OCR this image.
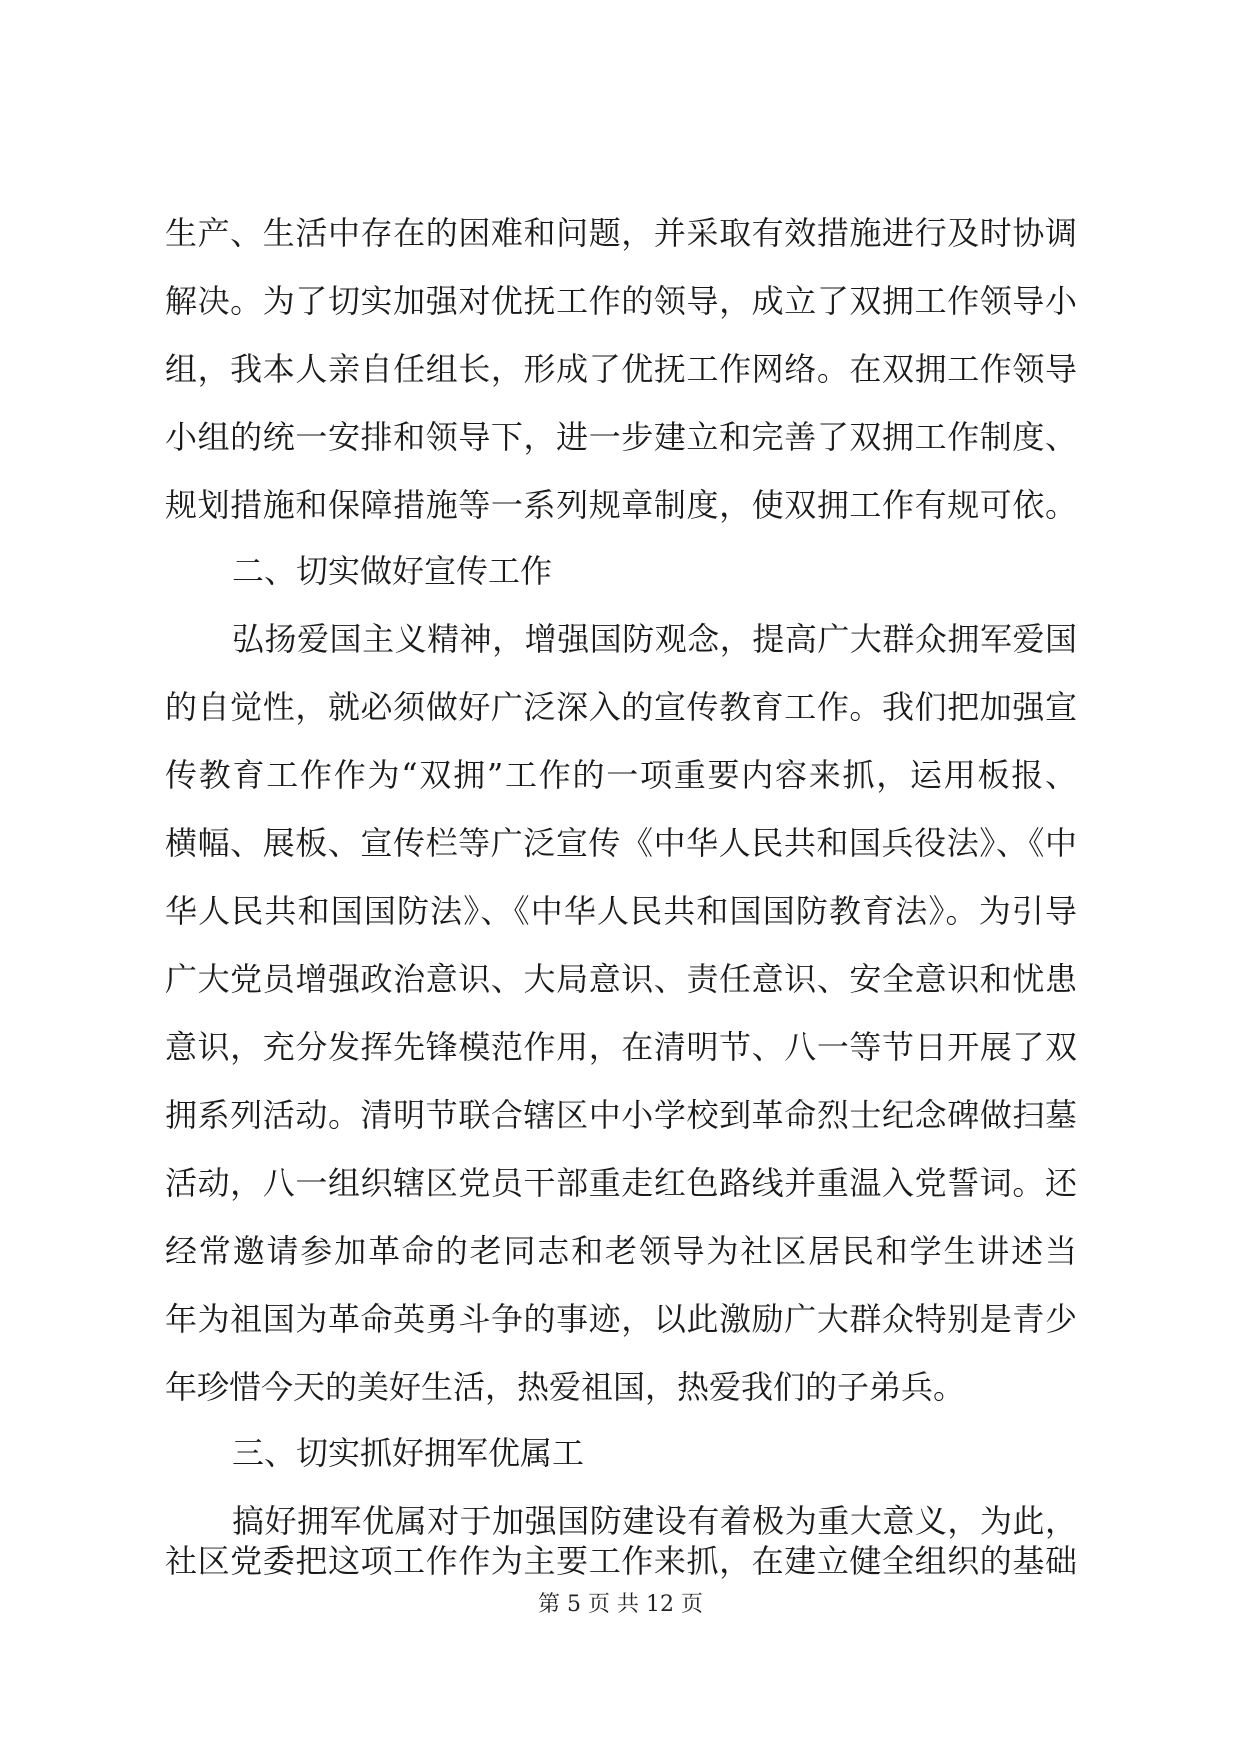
生产、生活中存在的困难和问题，并采取有效措施进行及时协调
解决。为了切实加强对优抚工作的领导，成立了双拥工作领导小
组，我本人亲自任组长，形成了优抚工作网络。在双拥工作领导
小组的统一安排和领导下，进一步建立和完善了双拥工作制度、
规划措施和保障措施等一系列规章制度，使双拥工作有规可依。
二、切实做好宣传工作
弘扬爱国主义精神，增强国防观念，提高广大群众拥军爱国
的自觉性，就必须做好广泛深入的宣传教育工作。我们把加强宣
传教育工作作为“双拥”工作的一项重要内容来抓，运用板报、
横幅、展板、宣传栏等广泛宣传《中华人民共和国兵役法》、《中
华人民共和国国防法》、《中华人民共和国国防教育法》。为引导
广大党员增强政治意识、大局意识、责任意识、安全意识和忧患
意识，充分发挥先锋模范作用，在清明节、八一等节日开展了双
拥系列活动。清明节联合辖区中小学校到革命烈士纪念碑做扫墓
活动，八一组织辖区党员干部重走红色路线并重温入党誓词。还
经常邀请参加革命的老同志和老领导为社区居民和学生讲述当
年为祖国为革命英勇斗争的事迹，以此激励广大群众特别是青少
年珍惜今天的美好生活，热爱祖国，热爱我们的子弟兵。
三、切实抓好拥军优属工
搞好拥军优属对于加强国防建设有着极为重大意义，为此，
社区党委把这项工作作为主要工作来抓，在建立健全组织的基础
第 5 页 共 12 页
